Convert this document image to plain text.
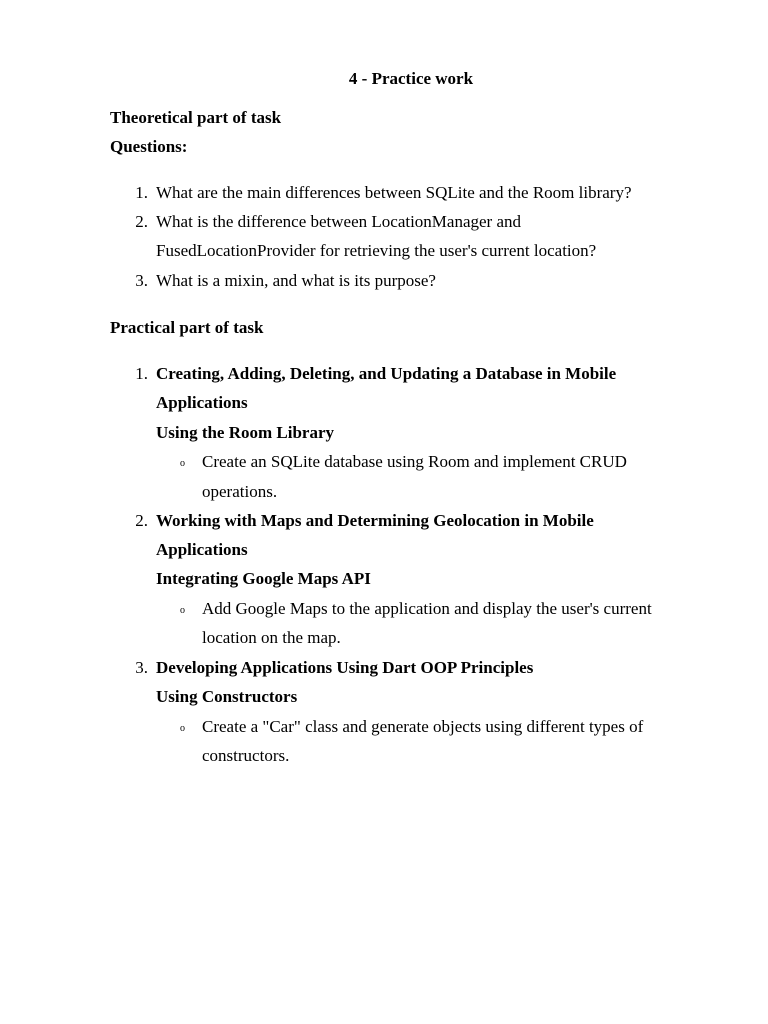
4 - Practice work
Theoretical part of task
Questions:
1. What are the main differences between SQLite and the Room library?
2. What is the difference between LocationManager and
FusedLocationProvider for retrieving the user's current location?
3. What is a mixin, and what is its purpose?
Practical part of task
1. Creating, Adding, Deleting, and Updating a Database in Mobile
Applications
Using the Room Library
o Create an SQLite database using Room and implement CRUD
operations.
2. Working with Maps and Determining Geolocation in Mobile
Applications
Integrating Google Maps API
o Add Google Maps to the application and display the user's current
location on the map.
3. Developing Applications Using Dart OOP Principles
Using Constructors
o Create a "Car" class and generate objects using different types of
constructors.
